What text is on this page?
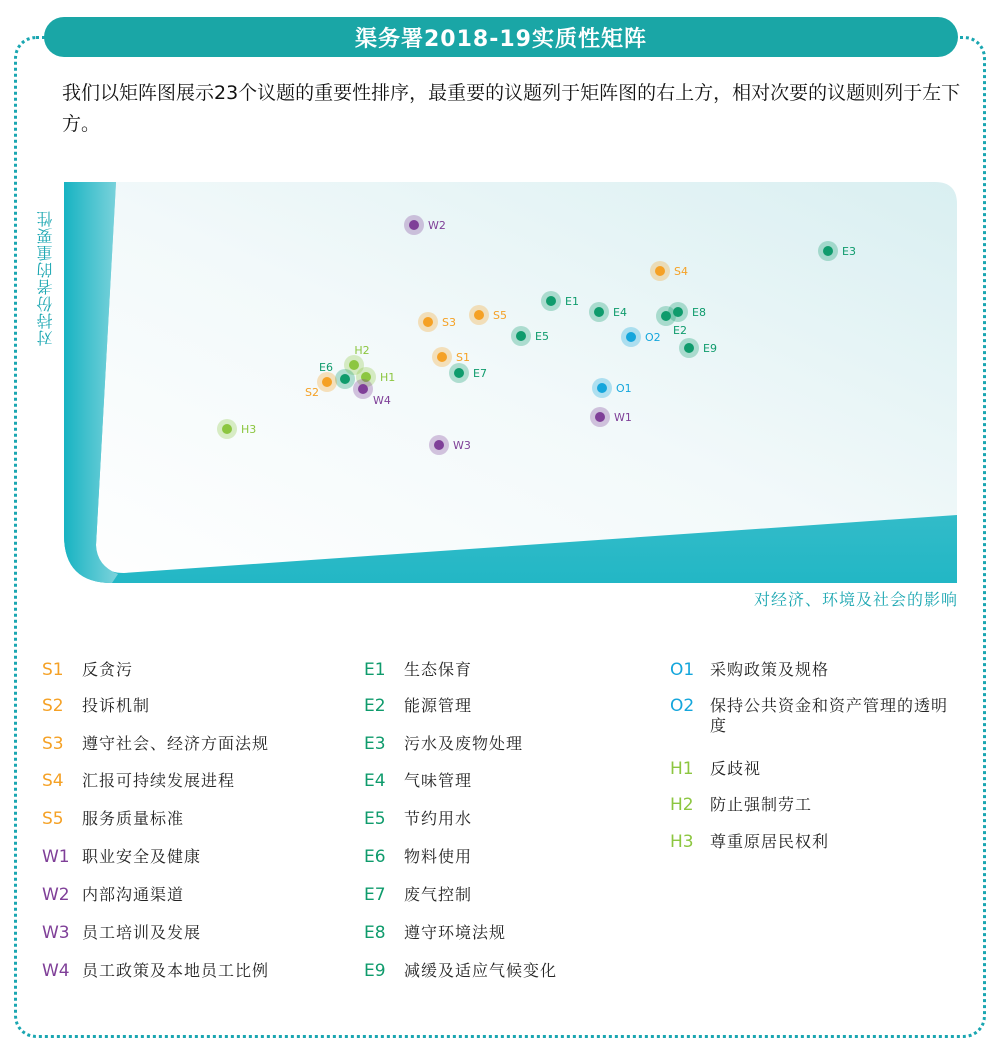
渠务署2018-19实质性矩阵
我们以矩阵图展示23个议题的重要性排序，最重要的议题列于矩阵图的右上方，相对次要的议题则列于左下方。
W2
E3
S4
E1
E8
E4
E2
S5
S3
E5	O2
E9
S1
H2
E7
H1
E6
S2	O1
W4
W1
H3
W3
对持份者的重要性
对经济、环境及社会的影响
S1	反贪污
S2	投诉机制
S3	遵守社会、经济方面法规
S4	汇报可持续发展进程
S5	服务质量标准
W1 职业安全及健康
W2 内部沟通渠道
W3 员工培训及发展
W4 员工政策及本地员工比例
E1	生态保育
E2	能源管理
E3	污水及废物处理
E4	气味管理
E5	节约用水
E6	物料使用
E7	废气控制
E8	遵守环境法规
E9	减缓及适应气候变化
O1 采购政策及规格
O2 保持公共资金和资产管理的透明度
H1	反歧视
H2	防止强制劳工
H3	尊重原居民权利
